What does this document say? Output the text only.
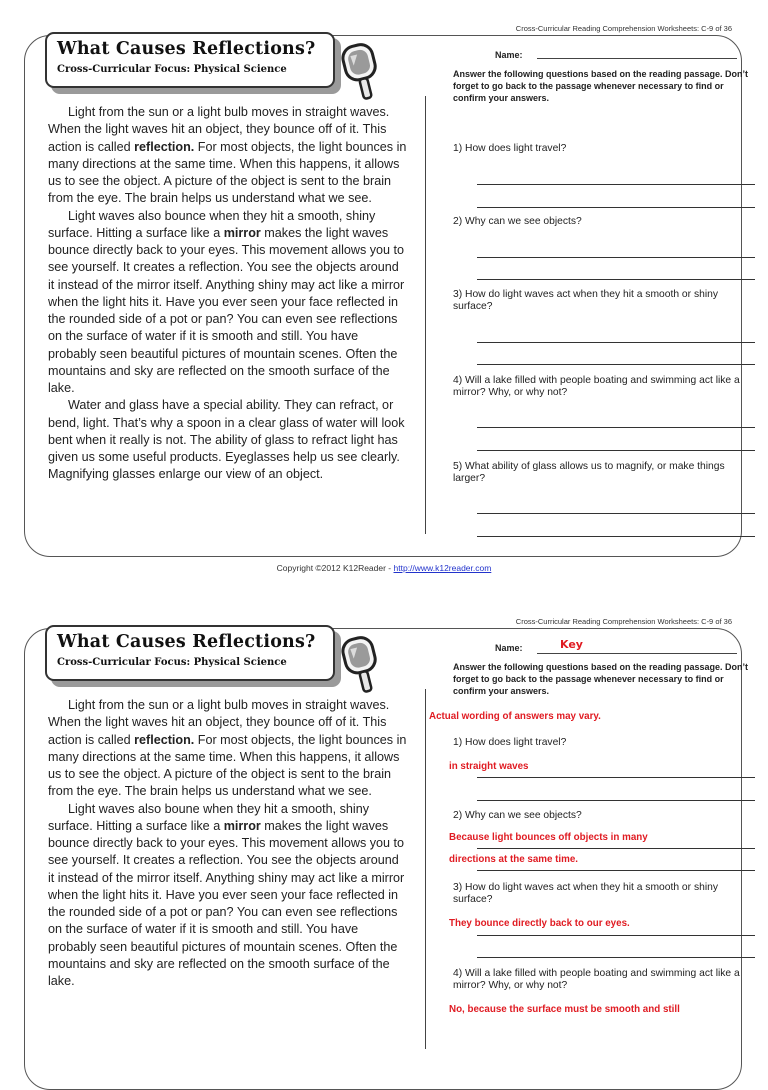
Cross-Curricular Reading Comprehension Worksheets: C-9 of 36
What Causes Reflections?
Cross-Curricular Focus: Physical Science

Light from the sun or a light bulb moves in straight waves. When the light waves hit an object, they bounce off of it. This action is called reflection. For most objects, the light bounces in many directions at the same time. When this happens, it allows us to see the object. A picture of the object is sent to the brain from the eye. The brain helps us understand what we see.

Light waves also bounce when they hit a smooth, shiny surface. Hitting a surface like a mirror makes the light waves bounce directly back to your eyes. This movement allows you to see yourself. It creates a reflection. You see the objects around it instead of the mirror itself. Anything shiny may act like a mirror when the light hits it. Have you ever seen your face reflected in the rounded side of a pot or pan? You can even see reflections on the surface of water if it is smooth and still. You have probably seen beautiful pictures of mountain scenes. Often the mountains and sky are reflected on the smooth surface of the lake.

Water and glass have a special ability. They can refract, or bend, light. That’s why a spoon in a clear glass of water will look bent when it really is not. The ability of glass to refract light has given us some useful products. Eyeglasses help us see clearly. Magnifying glasses enlarge our view of an object.

Name:
Answer the following questions based on the reading passage. Don’t forget to go back to the passage whenever necessary to find or confirm your answers.
1) How does light travel?
2) Why can we see objects?
3) How do light waves act when they hit a smooth or shiny surface?
4) Will a lake filled with people boating and swimming act like a mirror? Why, or why not?
5) What ability of glass allows us to magnify, or make things larger?
Copyright ©2012 K12Reader - http://www.k12reader.com
Cross-Curricular Reading Comprehension Worksheets: C-9 of 36
What Causes Reflections?
Cross-Curricular Focus: Physical Science

Light from the sun or a light bulb moves in straight waves. When the light waves hit an object, they bounce off of it. This action is called reflection. For most objects, the light bounces in many directions at the same time. When this happens, it allows us to see the object. A picture of the object is sent to the brain from the eye. The brain helps us understand what we see.

Light waves also boune when they hit a smooth, shiny surface. Hitting a surface like a mirror makes the light waves bounce directly back to your eyes. This movement allows you to see yourself. It creates a reflection. You see the objects around it instead of the mirror itself. Anything shiny may act like a mirror when the light hits it. Have you ever seen your face reflected in the rounded side of a pot or pan? You can even see reflections on the surface of water if it is smooth and still. You have probably seen beautiful pictures of mountain scenes. Often the mountains and sky are reflected on the smooth surface of the lake.

Name:	Key
Answer the following questions based on the reading passage. Don’t forget to go back to the passage whenever necessary to find or confirm your answers.
Actual wording of answers may vary.
1) How does light travel?
in straight waves
2) Why can we see objects?
Because light bounces off objects in many
directions at the same time.
3) How do light waves act when they hit a smooth or shiny surface?
They bounce directly back to our eyes.
4) Will a lake filled with people boating and swimming act like a mirror? Why, or why not?
No, because the surface must be smooth and still
